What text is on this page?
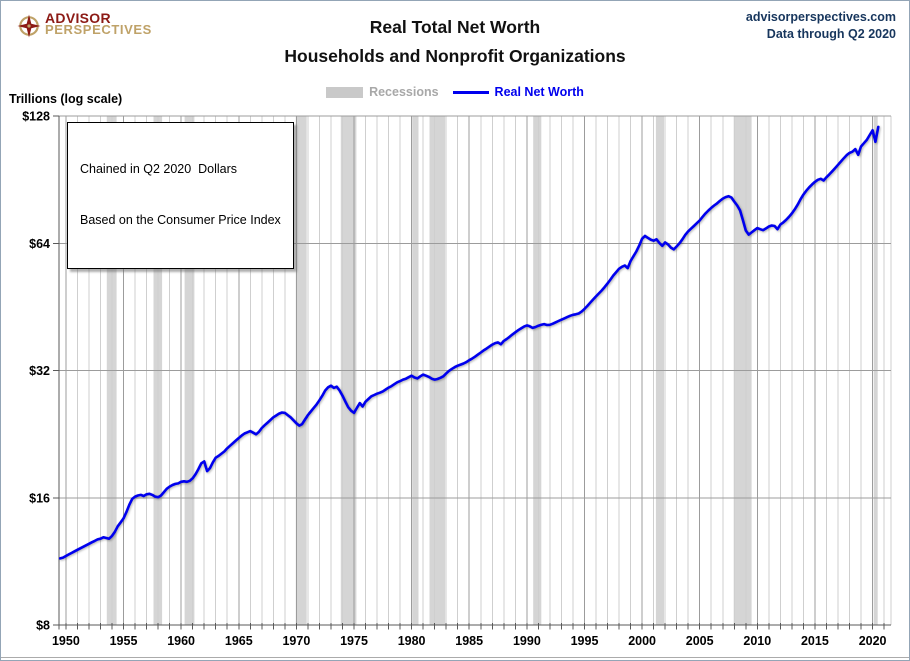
ADVISOR
PERSPECTIVES	Real Total Net Worth
Households and Nonprofit Organizations
advisorperspectives.com
Data through Q2 2020
Recessions	Real Net Worth
Trillions (log scale)
$8
$16
$32
$64
$128
1950 1955 1960 1965 1970 1975 1980 1985 1990 1995 2000 2005 2010 2015 2020

Chained in Q2 2020  Dollars

Based on the Consumer Price Index
